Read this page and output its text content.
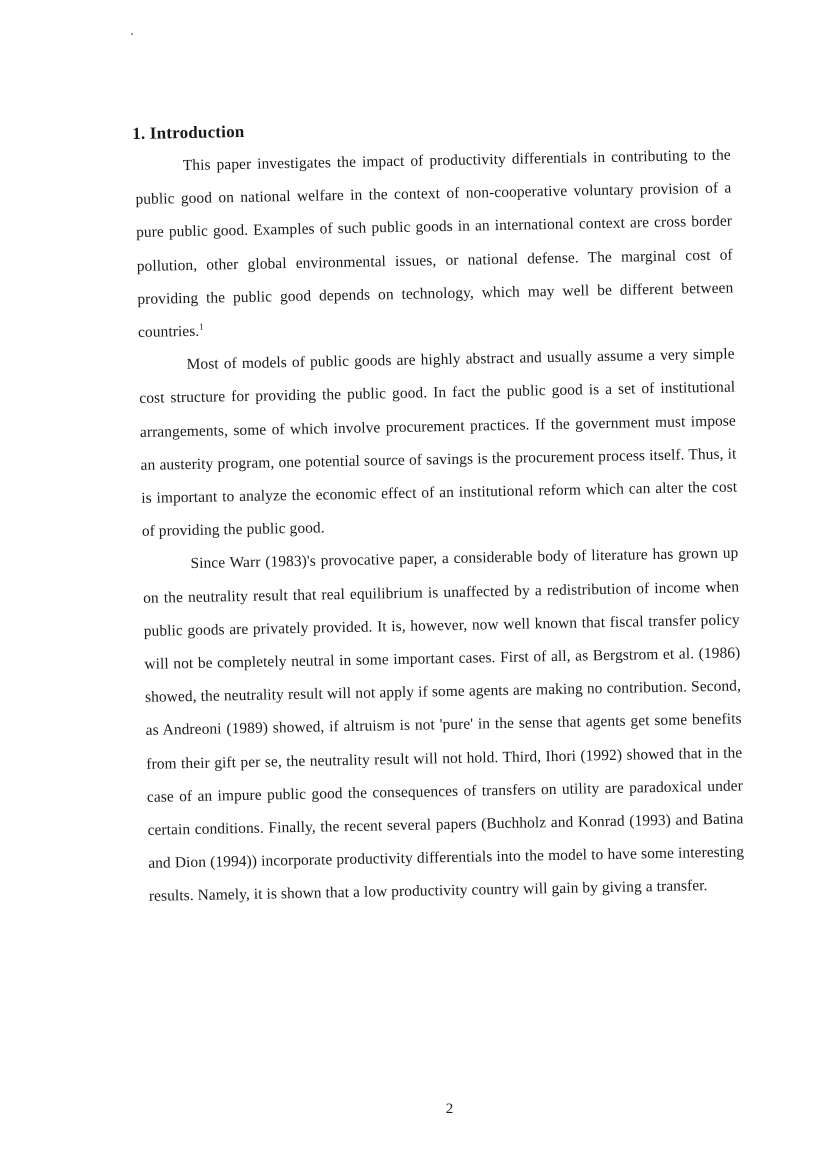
1. Introduction

This paper investigates the impact of productivity differentials in contributing to the public good on national welfare in the context of non-cooperative voluntary provision of a pure public good. Examples of such public goods in an international context are cross border pollution, other global environmental issues, or national defense. The marginal cost of providing the public good depends on technology, which may well be different between countries.$^1$

Most of models of public goods are highly abstract and usually assume a very simple cost structure for providing the public good. In fact the public good is a set of institutional arrangements, some of which involve procurement practices. If the government must impose an austerity program, one potential source of savings is the procurement process itself. Thus, it is important to analyze the economic effect of an institutional reform which can alter the cost of providing the public good.

Since Warr (1983)'s provocative paper, a considerable body of literature has grown up on the neutrality result that real equilibrium is unaffected by a redistribution of income when public goods are privately provided. It is, however, now well known that fiscal transfer policy will not be completely neutral in some important cases. First of all, as Bergstrom et al. (1986) showed, the neutrality result will not apply if some agents are making no contribution. Second, as Andreoni (1989) showed, if altruism is not 'pure' in the sense that agents get some benefits from their gift per se, the neutrality result will not hold. Third, Ihori (1992) showed that in the case of an impure public good the consequences of transfers on utility are paradoxical under certain conditions. Finally, the recent several papers (Buchholz and Konrad (1993) and Batina and Dion (1994)) incorporate productivity differentials into the model to have some interesting results. Namely, it is shown that a low productivity country will gain by giving a transfer.

2
